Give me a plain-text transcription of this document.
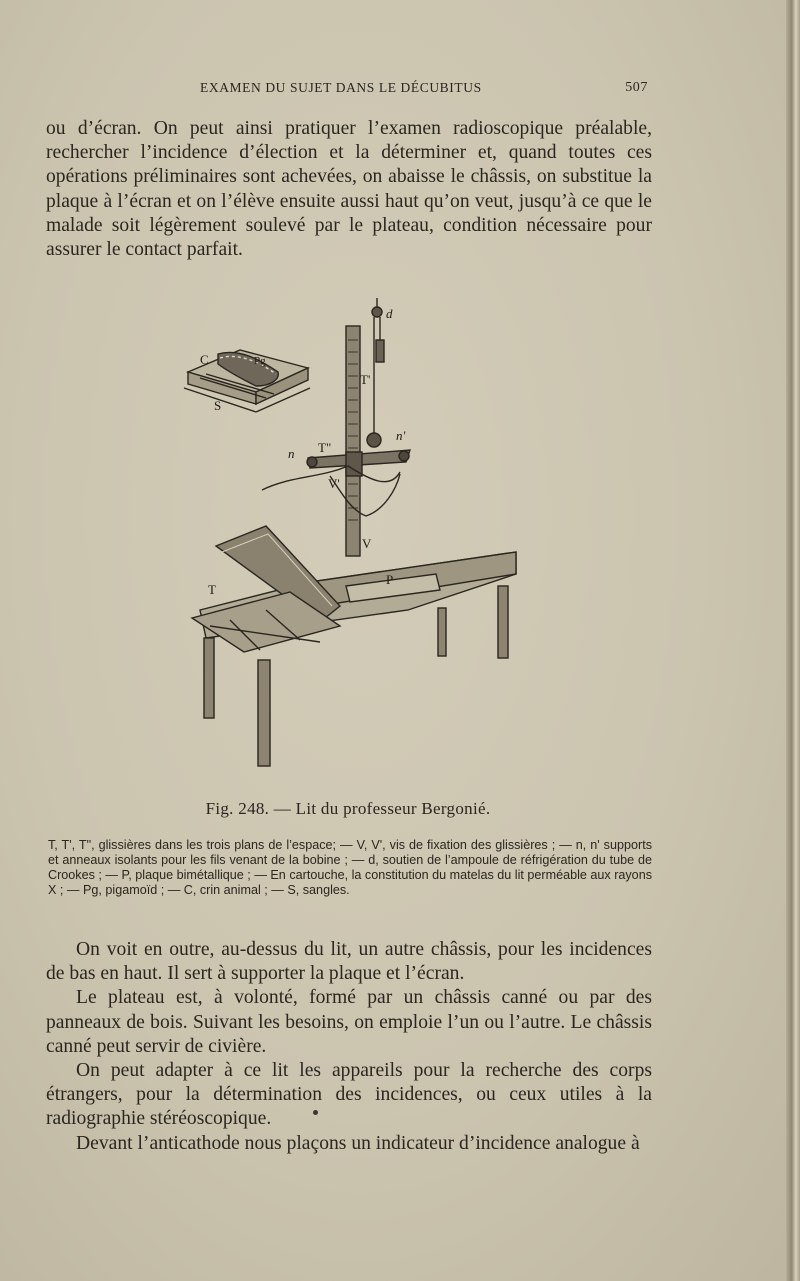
EXAMEN DU SUJET DANS LE DÉCUBITUS	507

ou d’écran. On peut ainsi pratiquer l’examen radioscopique préalable, rechercher l’incidence d’élection et la déterminer et, quand toutes ces opérations préliminaires sont achevées, on abaisse le châssis, on substitue la plaque à l’écran et on l’élève ensuite aussi haut qu’on veut, jusqu’à ce que le malade soit légèrement soulevé par le plateau, condition nécessaire pour assurer le contact parfait.

C	Pg
S
d
T'
T"
n
n'
V'
V
P
T
Fig. 248. — Lit du professeur Bergonié.
T, T', T", glissières dans les trois plans de l’espace; — V, V', vis de fixation des glissières ; — n, n' supports et anneaux isolants pour les fils venant de la bobine ; — d, soutien de l’ampoule de réfrigération du tube de Crookes ; — P, plaque bimétallique ; — En cartouche, la constitution du matelas du lit perméable aux rayons X ; — Pg, pigamoïd ; — C, crin animal ; — S, sangles.

On voit en outre, au-dessus du lit, un autre châssis, pour les incidences de bas en haut. Il sert à supporter la plaque et l’écran.

Le plateau est, à volonté, formé par un châssis canné ou par des panneaux de bois. Suivant les besoins, on emploie l’un ou l’autre. Le châssis canné peut servir de civière.

On peut adapter à ce lit les appareils pour la recherche des corps étrangers, pour la détermination des incidences, ou ceux utiles à la radiographie stéréoscopique.

Devant l’anticathode nous plaçons un indicateur d’incidence analogue à
